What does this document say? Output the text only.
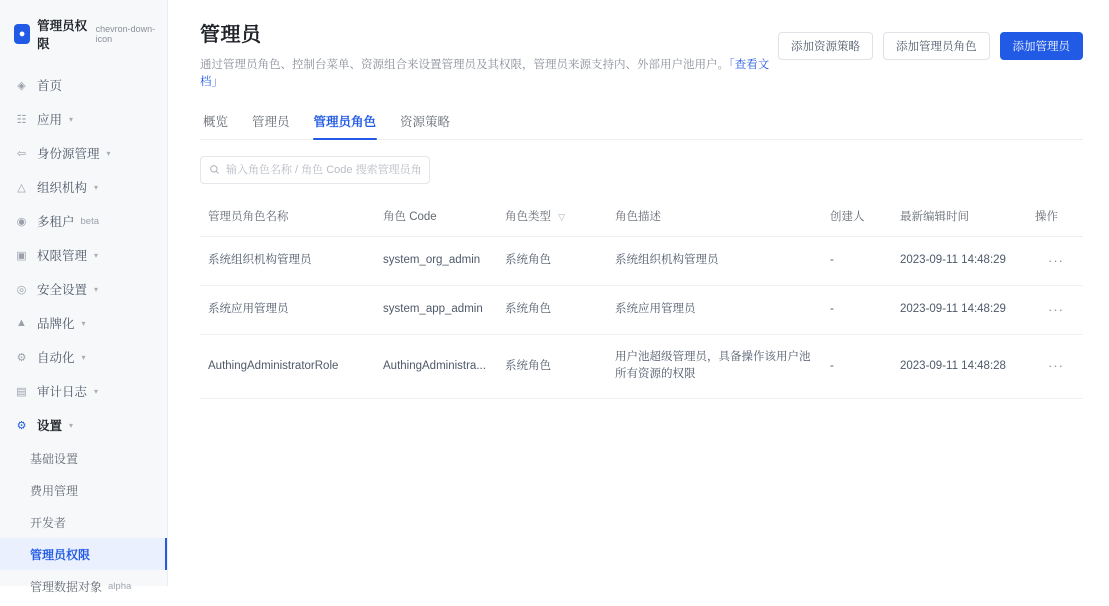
●
管理员权限
chevron-down-icon
◈ 首页
☷ 应用 ▾
⇦ 身份源管理 ▾
△ 组织机构 ▾
◉ 多租户 beta
▣ 权限管理 ▾
◎ 安全设置 ▾
▲ 品牌化 ▾
⚙ 自动化 ▾
▤ 审计日志 ▾
⚙ 设置 ▾
基础设置
费用管理
开发者
管理员权限
管理数据对象 alpha
管理员
通过管理员角色、控制台菜单、资源组合来设置管理员及其权限，管理员来源支持内、外部用户池用户。「查看文档」
添加资源策略	添加管理员角色	添加管理员
概览 管理员 管理员角色 资源策略
输入角色名称 / 角色 Code 搜索管理员角色
管理员角色名称	角色 Code	角色类型 ▽	角色描述	创建人	最新编辑时间	操作
系统组织机构管理员	system_org_admin	系统角色	系统组织机构管理员	-	2023-09-11 14:48:29	···
系统应用管理员	system_app_admin	系统角色	系统应用管理员	-	2023-09-11 14:48:29	···
AuthingAdministratorRole	AuthingAdministra...	系统角色	用户池超级管理员，具备操作该用户池所有资源的权限	-	2023-09-11 14:48:28	···
